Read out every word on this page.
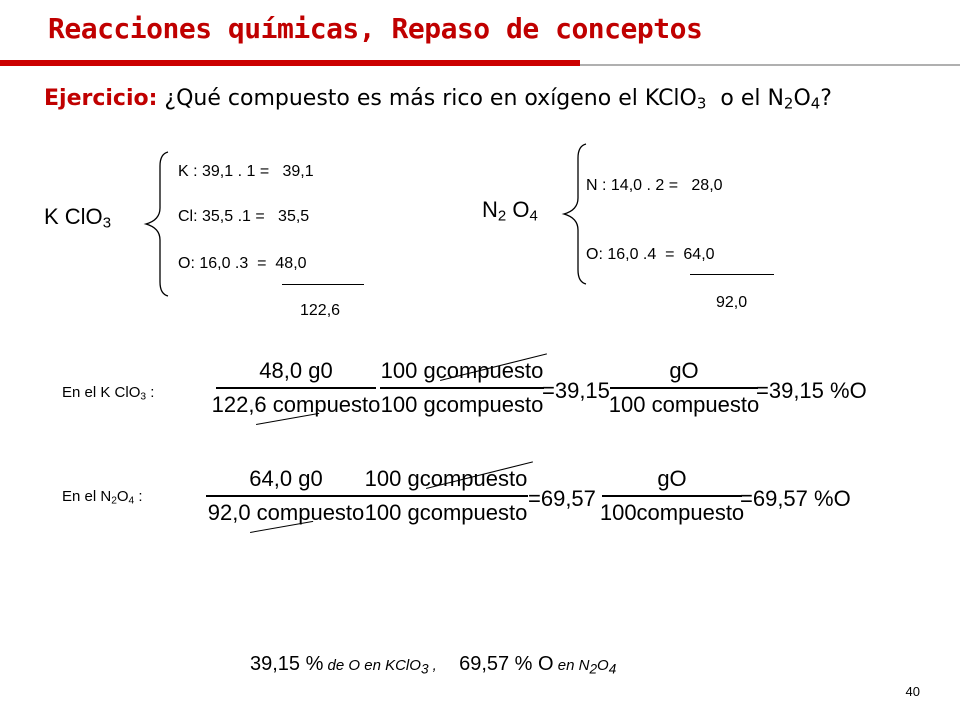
Reacciones químicas, Repaso de conceptos
Ejercicio: ¿Qué compuesto es más rico en oxígeno el KClO$_3$  o el $N_2O_4$?
K ClO$_3$
K : 39,1 . 1 =   39,1
Cl: 35,5 .1 =   35,5
O: 16,0 .3  =  48,0
122,6
$N_2$ $O_4$
N : 14,0 . 2 =   28,0
O: 16,0 .4  =  64,0
92,0
En el K ClO$_3$ :
48,0 g0
122,6 compuesto
100 gcompuesto
100 gcompuesto
=39,15
gO
100 compuesto
=39,15 %O
En el $N_2O_4$ :
64,0 g0
92,0 compuesto
100 gcompuesto
100 gcompuesto
=69,57
gO
100compuesto
=69,57 %O
39,15 % de O en KClO$_3$ , 69,57 % O en $N_2O_4$
40
